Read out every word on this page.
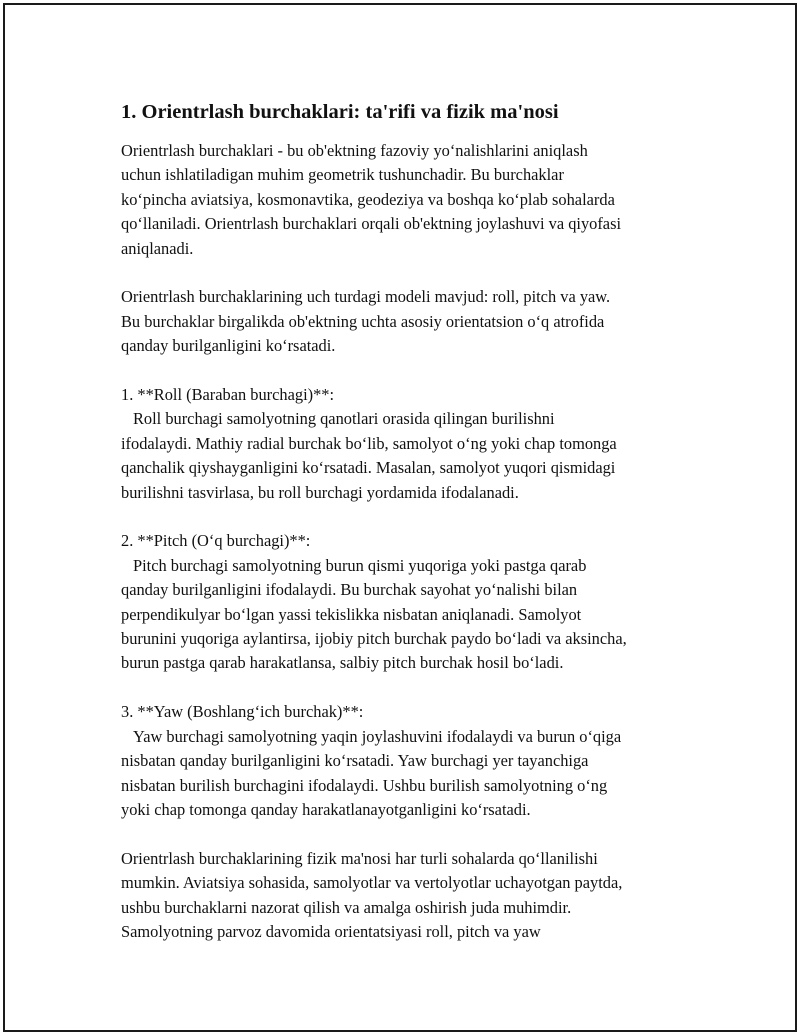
1. Orientrlash burchaklari: ta'rifi va fizik ma'nosi

Orientrlash burchaklari - bu ob'ektning fazoviy yo‘nalishlarini aniqlash

uchun ishlatiladigan muhim geometrik tushunchadir. Bu burchaklar

ko‘pincha aviatsiya, kosmonavtika, geodeziya va boshqa ko‘plab sohalarda

qo‘llaniladi. Orientrlash burchaklari orqali ob'ektning joylashuvi va qiyofasi

aniqlanadi.

Orientrlash burchaklarining uch turdagi modeli mavjud: roll, pitch va yaw.

Bu burchaklar birgalikda ob'ektning uchta asosiy orientatsion o‘q atrofida

qanday burilganligini ko‘rsatadi.

1. **Roll (Baraban burchagi)**:

Roll burchagi samolyotning qanotlari orasida qilingan burilishni

ifodalaydi. Mathiy radial burchak bo‘lib, samolyot o‘ng yoki chap tomonga

qanchalik qiyshayganligini ko‘rsatadi. Masalan, samolyot yuqori qismidagi

burilishni tasvirlasa, bu roll burchagi yordamida ifodalanadi.

2. **Pitch (O‘q burchagi)**:

Pitch burchagi samolyotning burun qismi yuqoriga yoki pastga qarab

qanday burilganligini ifodalaydi. Bu burchak sayohat yo‘nalishi bilan

perpendikulyar bo‘lgan yassi tekislikka nisbatan aniqlanadi. Samolyot

burunini yuqoriga aylantirsa, ijobiy pitch burchak paydo bo‘ladi va aksincha,

burun pastga qarab harakatlansa, salbiy pitch burchak hosil bo‘ladi.

3. **Yaw (Boshlang‘ich burchak)**:

Yaw burchagi samolyotning yaqin joylashuvini ifodalaydi va burun o‘qiga

nisbatan qanday burilganligini ko‘rsatadi. Yaw burchagi yer tayanchiga

nisbatan burilish burchagini ifodalaydi. Ushbu burilish samolyotning o‘ng

yoki chap tomonga qanday harakatlanayotganligini ko‘rsatadi.

Orientrlash burchaklarining fizik ma'nosi har turli sohalarda qo‘llanilishi

mumkin. Aviatsiya sohasida, samolyotlar va vertolyotlar uchayotgan paytda,

ushbu burchaklarni nazorat qilish va amalga oshirish juda muhimdir.

Samolyotning parvoz davomida orientatsiyasi roll, pitch va yaw
